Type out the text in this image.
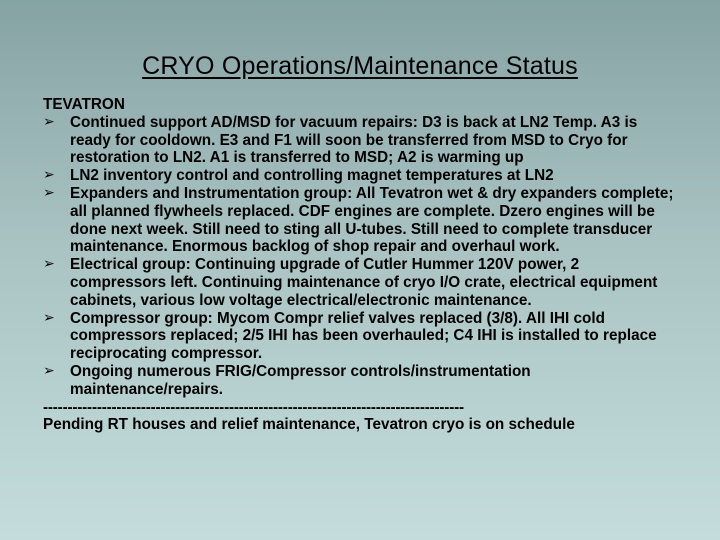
CRYO Operations/Maintenance Status
TEVATRON
➢ Continued support AD/MSD for vacuum repairs: D3 is back at LN2 Temp. A3 is ready for cooldown. E3 and F1 will soon be transferred from MSD to Cryo for restoration to LN2. A1 is transferred to MSD; A2 is warming up
➢ LN2 inventory control and controlling magnet temperatures at LN2
➢ Expanders and Instrumentation group: All Tevatron wet & dry expanders complete; all planned flywheels replaced. CDF engines are complete. Dzero engines will be done next week. Still need to sting all U-tubes. Still need to complete transducer maintenance. Enormous backlog of shop repair and overhaul work.
➢ Electrical group: Continuing upgrade of Cutler Hummer 120V power, 2 compressors left. Continuing maintenance of cryo I/O crate, electrical equipment cabinets, various low voltage electrical/electronic maintenance.
➢ Compressor group: Mycom Compr relief valves replaced (3/8). All IHI cold compressors replaced; 2/5 IHI has been overhauled; C4 IHI is installed to replace reciprocating compressor.
➢ Ongoing numerous FRIG/Compressor controls/instrumentation maintenance/repairs.
--------------------------------------------------------------------------------------
Pending RT houses and relief maintenance, Tevatron cryo is on schedule
